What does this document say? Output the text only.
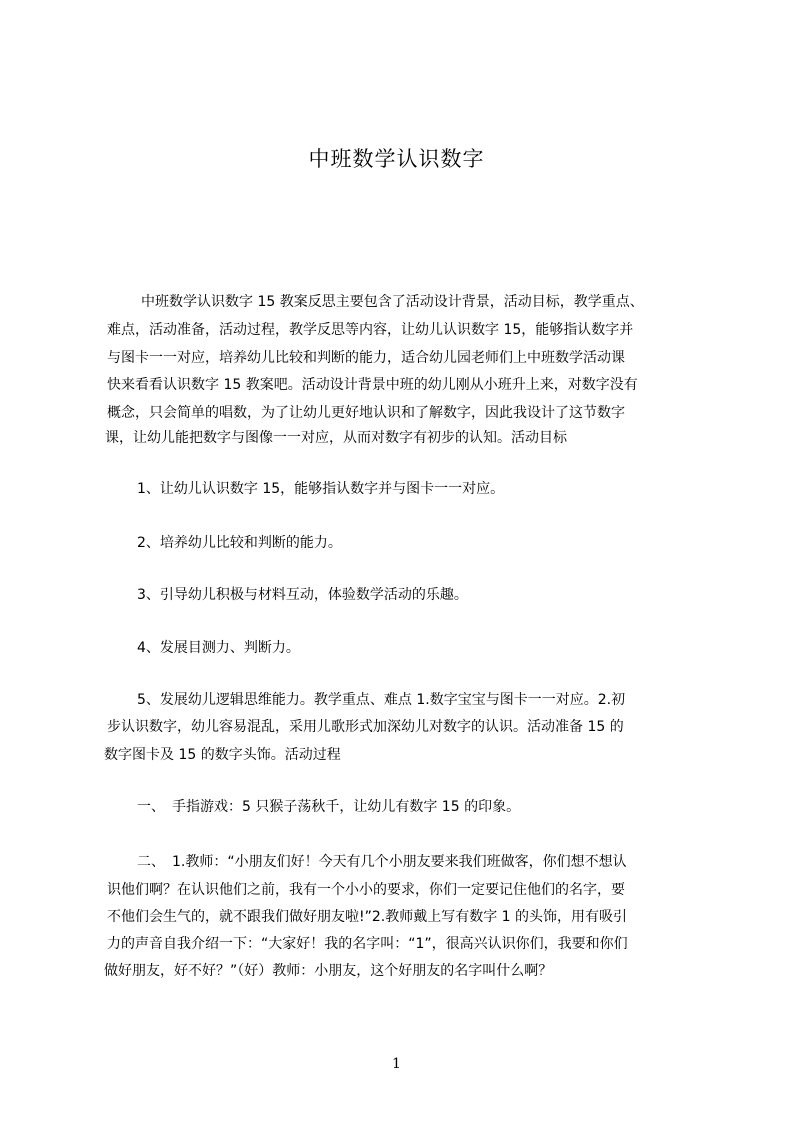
中班数学认识数字

中班数学认识数字 15 教案反思主要包含了活动设计背景，活动目标，教学重点、

难点，活动准备，活动过程，教学反思等内容，让幼儿认识数字 15，能够指认数字并

与图卡一一对应，培养幼儿比较和判断的能力，适合幼儿园老师们上中班数学活动课

快来看看认识数字 15 教案吧。活动设计背景中班的幼儿刚从小班升上来，对数字没有

概念，只会简单的唱数，为了让幼儿更好地认识和了解数字，因此我设计了这节数字

课，让幼儿能把数字与图像一一对应，从而对数字有初步的认知。活动目标

1、让幼儿认识数字 15，能够指认数字并与图卡一一对应。

2、培养幼儿比较和判断的能力。

3、引导幼儿积极与材料互动，体验数学活动的乐趣。

4、发展目测力、判断力。

5、发展幼儿逻辑思维能力。教学重点、难点 1.数字宝宝与图卡一一对应。2.初

步认识数字，幼儿容易混乱，采用儿歌形式加深幼儿对数字的认识。活动准备 15 的

数字图卡及 15 的数字头饰。活动过程

一、　手指游戏：5 只猴子荡秋千，让幼儿有数字 15 的印象。

二、　1.教师：“小朋友们好！今天有几个小朋友要来我们班做客，你们想不想认

识他们啊？在认识他们之前，我有一个小小的要求，你们一定要记住他们的名字，要

不他们会生气的，就不跟我们做好朋友啦!”2.教师戴上写有数字 1 的头饰，用有吸引

力的声音自我介绍一下：“大家好！我的名字叫：“1”，很高兴认识你们，我要和你们

做好朋友，好不好？”（好）教师：小朋友，这个好朋友的名字叫什么啊？

1
